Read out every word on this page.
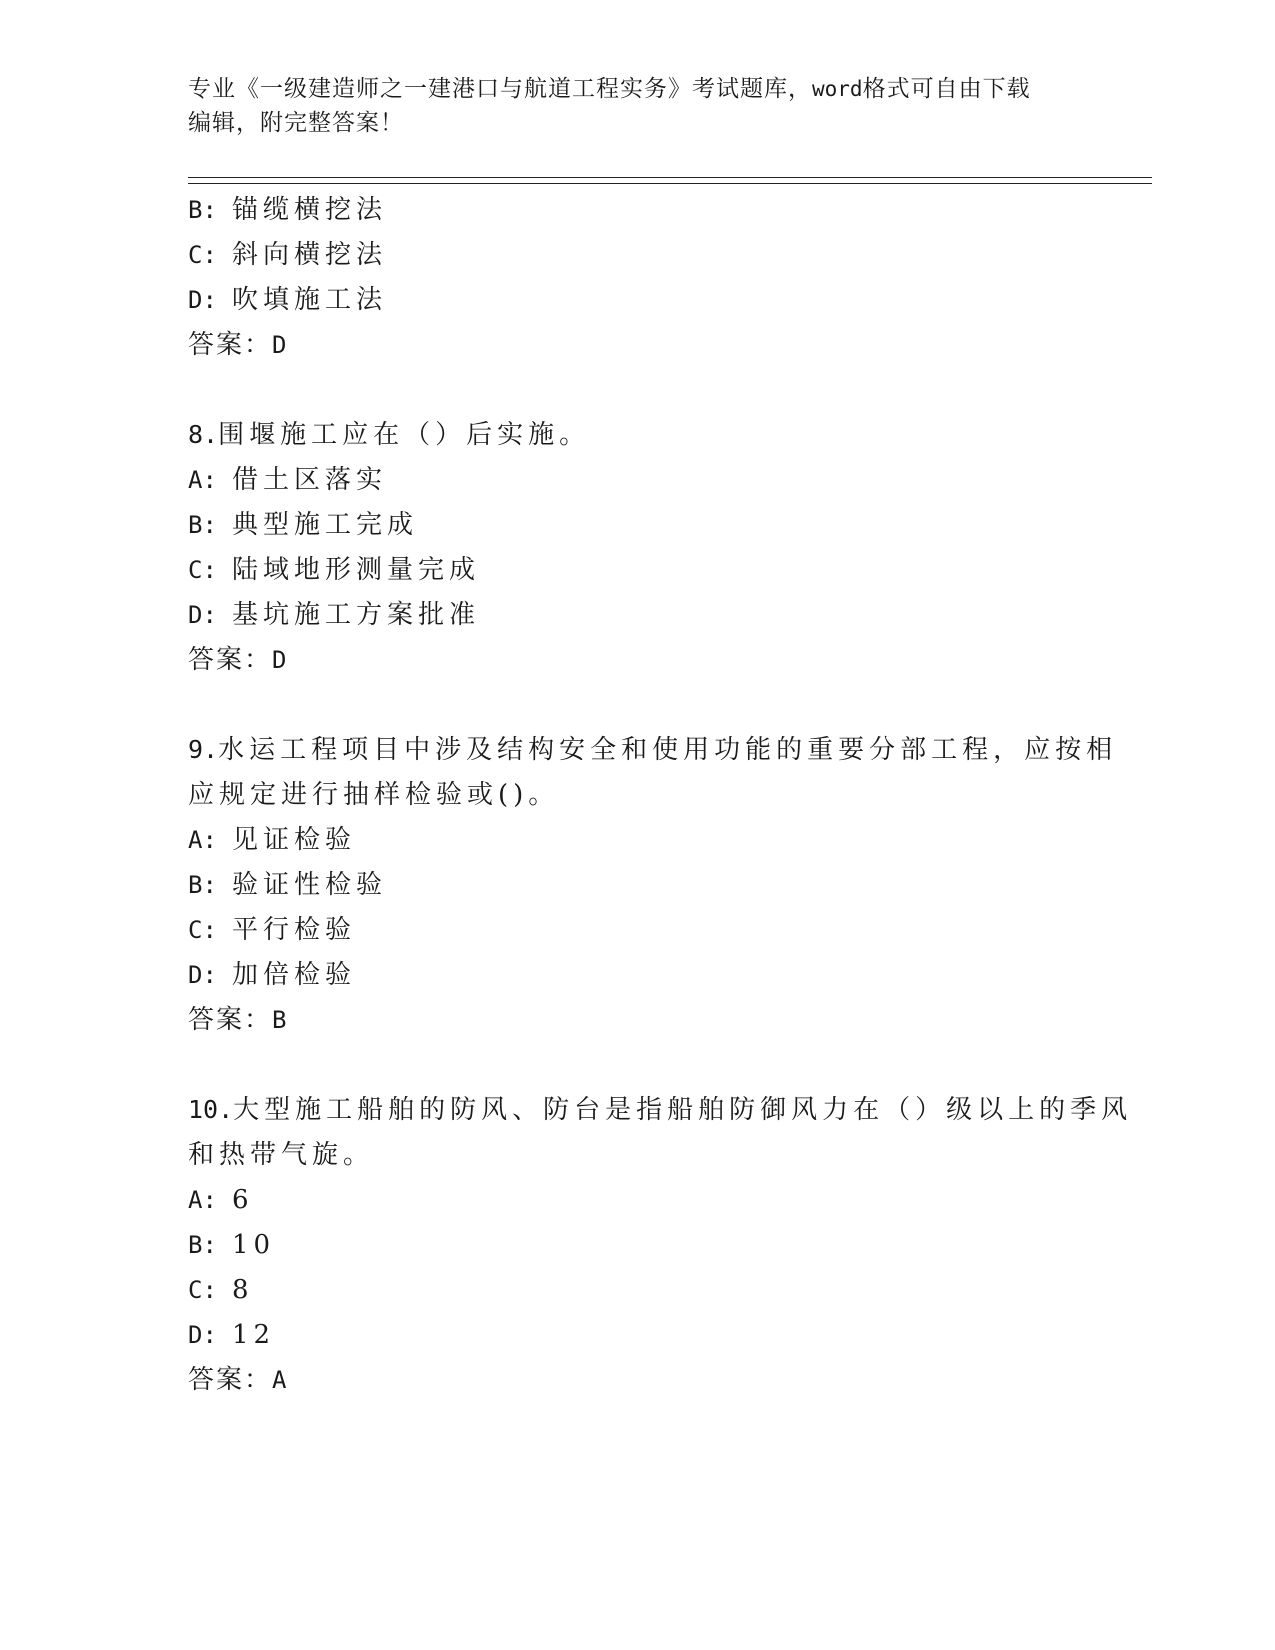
专业《一级建造师之一建港口与航道工程实务》考试题库，word格式可自由下载
编辑，附完整答案！
B: 锚缆横挖法
C: 斜向横挖法
D: 吹填施工法
答案：D
8.围堰施工应在（）后实施。
A: 借土区落实
B: 典型施工完成
C: 陆域地形测量完成
D: 基坑施工方案批准
答案：D
9.水运工程项目中涉及结构安全和使用功能的重要分部工程，应按相
应规定进行抽样检验或()。
A: 见证检验
B: 验证性检验
C: 平行检验
D: 加倍检验
答案：B
10.大型施工船舶的防风、防台是指船舶防御风力在（）级以上的季风
和热带气旋。
A: 6
B: 10
C: 8
D: 12
答案：A
